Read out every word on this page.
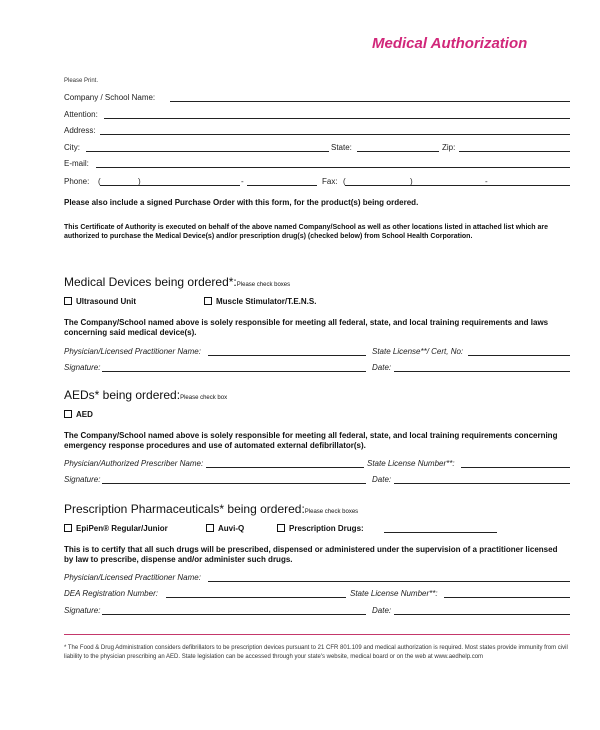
Medical Authorization
Please Print.
Company / School Name:
Attention:
Address:
City:	State:	Zip:
E-mail:
Phone: (	)	-	Fax: (	)	-
Please also include a signed Purchase Order with this form, for the product(s) being ordered.
This Certificate of Authority is executed on behalf of the above named Company/School as well as other locations listed in attached list which are authorized to purchase the Medical Device(s) and/or prescription drug(s) (checked below) from School Health Corporation.
Medical Devices being ordered*:Please check boxes
Ultrasound Unit	Muscle Stimulator/T.E.N.S.
The Company/School named above is solely responsible for meeting all federal, state, and local training requirements and laws concerning said medical device(s).
Physician/Licensed Practitioner Name:	State License**/ Cert, No:
Signature:	Date:
AEDs* being ordered:Please check box
AED
The Company/School named above is solely responsible for meeting all federal, state, and local training requirements concerning emergency response procedures and use of automated external defibrillator(s).
Physician/Authorized Prescriber Name:	State License Number**:
Signature:	Date:
Prescription Pharmaceuticals* being ordered:Please check boxes
EpiPen® Regular/Junior	Auvi-Q	Prescription Drugs:
This is to certify that all such drugs will be prescribed, dispensed or administered under the supervision of a practitioner licensed by law to prescribe, dispense and/or administer such drugs.
Physician/Licensed Practitioner Name:
DEA Registration Number:	State License Number**:
Signature:	Date:
* The Food & Drug Administration considers defibrillators to be prescription devices pursuant to 21 CFR 801.109 and medical authorization is required. Most states provide immunity from civil liability to the physician prescribing an AED. State legislation can be accessed through your state's website, medical board or on the web at www.aedhelp.com
